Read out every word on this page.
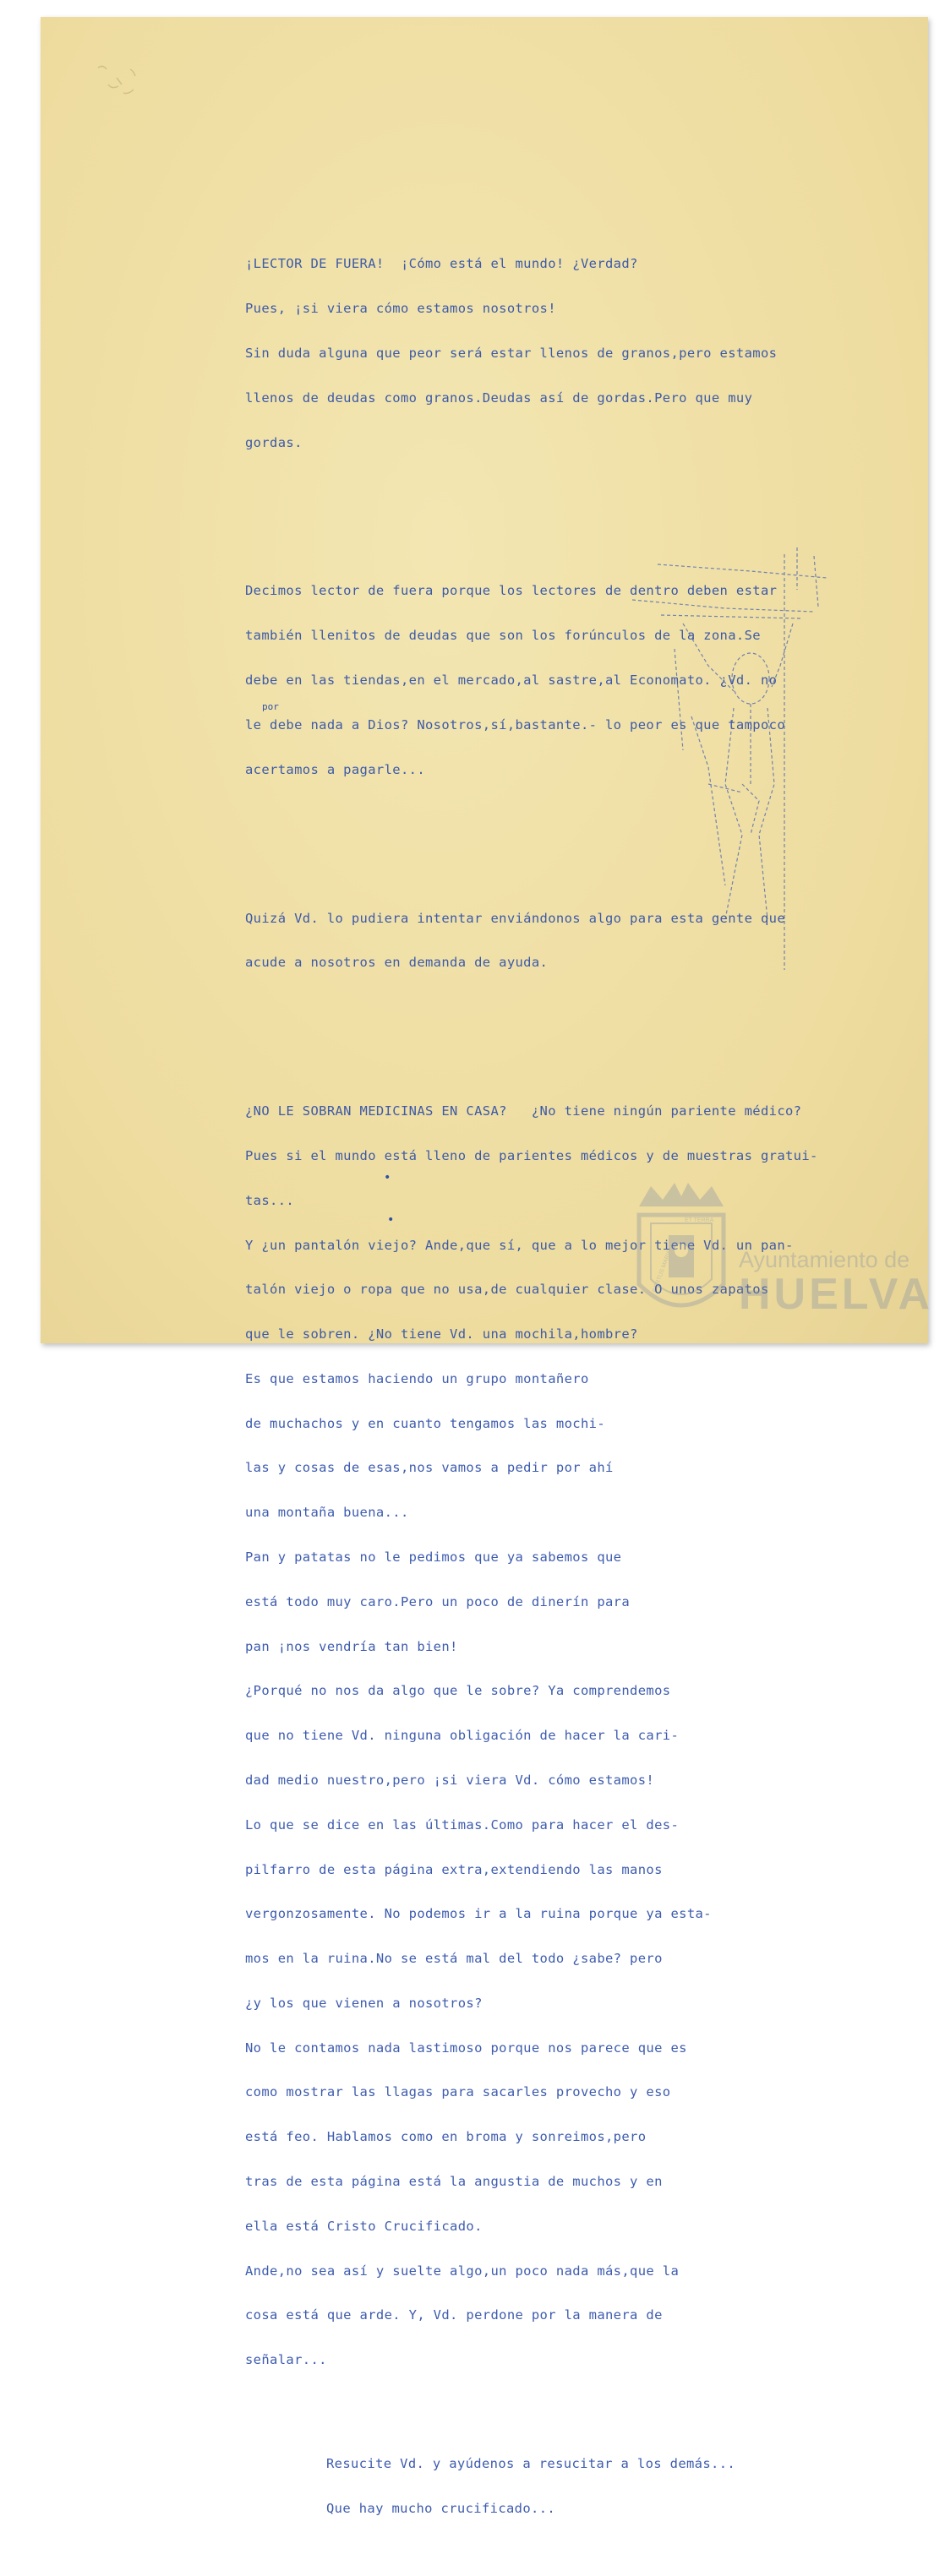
¡LECTOR DE FUERA!  ¡Cómo está el mundo! ¿Verdad?

Pues, ¡si viera cómo estamos nosotros!

Sin duda alguna que peor será estar llenos de granos,pero estamos

llenos de deudas como granos.Deudas así de gordas.Pero que muy

gordas.

Decimos lector de fuera porque los lectores de dentro deben estar

también llenitos de deudas que son los forúnculos de la zona.Se

debe en las tiendas,en el mercado,al sastre,al Economato. ¿Vd. no

le debe nada a Dios? Nosotros,sí,bastante.- lo peor es que tampoco

acertamos a pagarle...

Quizá Vd. lo pudiera intentar enviándonos algo para esta gente que

acude a nosotros en demanda de ayuda.

¿NO LE SOBRAN MEDICINAS EN CASA?   ¿No tiene ningún pariente médico?

Pues si el mundo está lleno de parientes médicos y de muestras gratui-

tas...

Y ¿un pantalón viejo? Ande,que sí, que a lo mejor tiene Vd. un pan-

talón viejo o ropa que no usa,de cualquier clase. O unos zapatos

que le sobren. ¿No tiene Vd. una mochila,hombre?

Es que estamos haciendo un grupo montañero

de muchachos y en cuanto tengamos las mochi-

las y cosas de esas,nos vamos a pedir por ahí

una montaña buena...

Pan y patatas no le pedimos que ya sabemos que

está todo muy caro.Pero un poco de dinerín para

pan ¡nos vendría tan bien!

¿Porqué no nos da algo que le sobre? Ya comprendemos

que no tiene Vd. ninguna obligación de hacer la cari-

dad medio nuestro,pero ¡si viera Vd. cómo estamos!

Lo que se dice en las últimas.Como para hacer el des-

pilfarro de esta página extra,extendiendo las manos

vergonzosamente. No podemos ir a la ruina porque ya esta-

mos en la ruina.No se está mal del todo ¿sabe? pero

¿y los que vienen a nosotros?

No le contamos nada lastimoso porque nos parece que es

como mostrar las llagas para sacarles provecho y eso

está feo. Hablamos como en broma y sonreimos,pero

tras de esta página está la angustia de muchos y en

ella está Cristo Crucificado.

Ande,no sea así y suelte algo,un poco nada más,que la

cosa está que arde. Y, Vd. perdone por la manera de

señalar...

Resucite Vd. y ayúdenos a resucitar a los demás...

Que hay mucho crucificado...

por
•
•	ET TERRA
PORTUS MARIS	Ayuntamiento de
HUELVA
